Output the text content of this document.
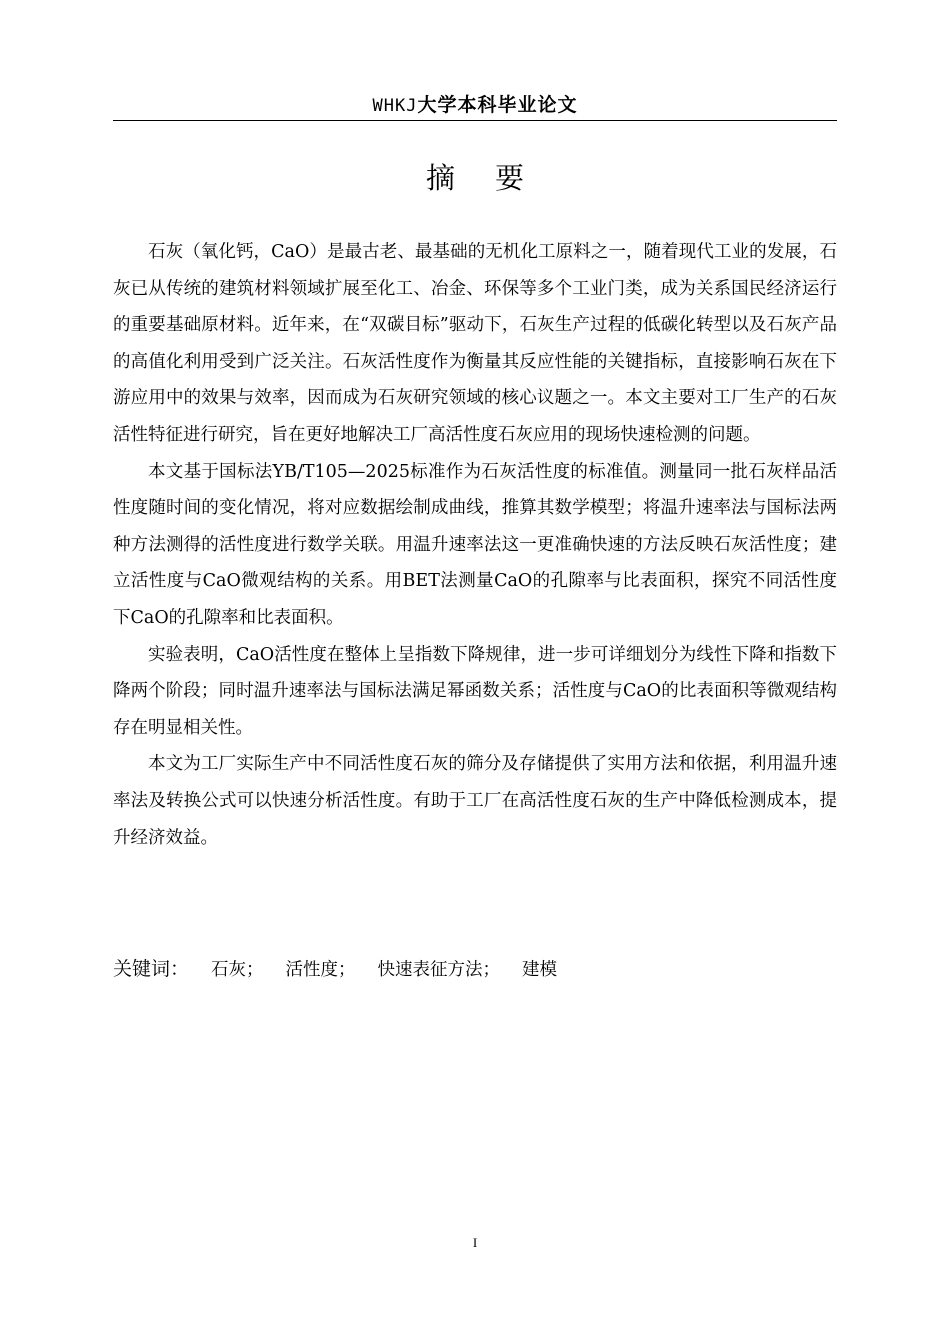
WHKJ大学本科毕业论文
摘要

石灰（氧化钙，CaO）是最古老、最基础的无机化工原料之一，随着现代工业的发展，石灰已从传统的建筑材料领域扩展至化工、冶金、环保等多个工业门类，成为关系国民经济运行的重要基础原材料。近年来，在“双碳目标”驱动下，石灰生产过程的低碳化转型以及石灰产品的高值化利用受到广泛关注。石灰活性度作为衡量其反应性能的关键指标，直接影响石灰在下游应用中的效果与效率，因而成为石灰研究领域的核心议题之一。本文主要对工厂生产的石灰活性特征进行研究，旨在更好地解决工厂高活性度石灰应用的现场快速检测的问题。

本文基于国标法YB/T105—2025标准作为石灰活性度的标准值。测量同一批石灰样品活性度随时间的变化情况，将对应数据绘制成曲线，推算其数学模型；将温升速率法与国标法两种方法测得的活性度进行数学关联。用温升速率法这一更准确快速的方法反映石灰活性度；建立活性度与CaO微观结构的关系。用BET法测量CaO的孔隙率与比表面积，探究不同活性度下CaO的孔隙率和比表面积。

实验表明，CaO活性度在整体上呈指数下降规律，进一步可详细划分为线性下降和指数下降两个阶段；同时温升速率法与国标法满足幂函数关系；活性度与CaO的比表面积等微观结构存在明显相关性。

本文为工厂实际生产中不同活性度石灰的筛分及存储提供了实用方法和依据，利用温升速率法及转换公式可以快速分析活性度。有助于工厂在高活性度石灰的生产中降低检测成本，提升经济效益。

关键词： 石灰； 活性度； 快速表征方法； 建模
I
